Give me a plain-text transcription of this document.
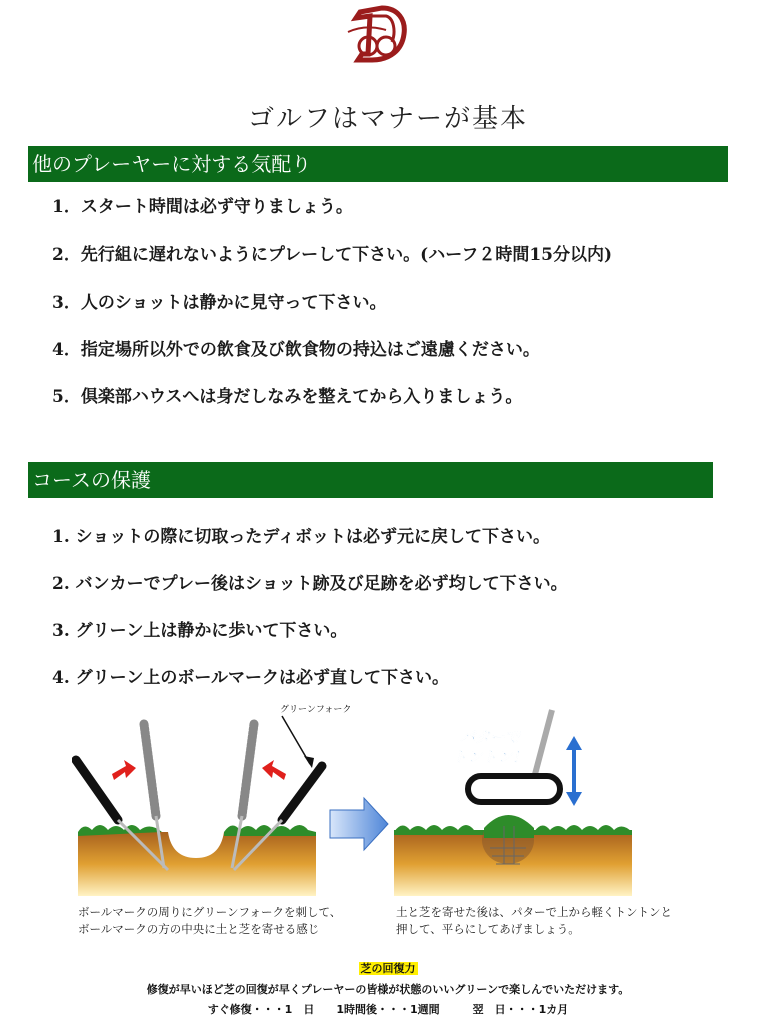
ゴルフはマナーが基本
他のプレーヤーに対する気配り
1．スタート時間は必ず守りましょう。
2．先行組に遅れないようにプレーして下さい。(ハーフ２時間15分以内)
3．人のショットは静かに見守って下さい。
4．指定場所以外での飲食及び飲食物の持込はご遠慮ください。
5．倶楽部ハウスへは身だしなみを整えてから入りましょう。
コースの保護
1. ショットの際に切取ったディボットは必ず元に戻して下さい。
2. バンカーでプレー後はショット跡及び足跡を必ず均して下さい。
3. グリーン上は静かに歩いて下さい。
4. グリーン上のボールマークは必ず直して下さい。
グリーンフォーク
パターで
トントン！
ボールマークの周りにグリーンフォークを刺して、
ボールマークの方の中央に土と芝を寄せる感じ
土と芝を寄せた後は、パターで上から軽くトントンと
押して、平らにしてあげましょう。
芝の回復力
修復が早いほど芝の回復が早くプレーヤーの皆様が状態のいいグリーンで楽しんでいただけます。
すぐ修復・・・1　日　　1時間後・・・1週間　　　翌　日・・・1カ月
